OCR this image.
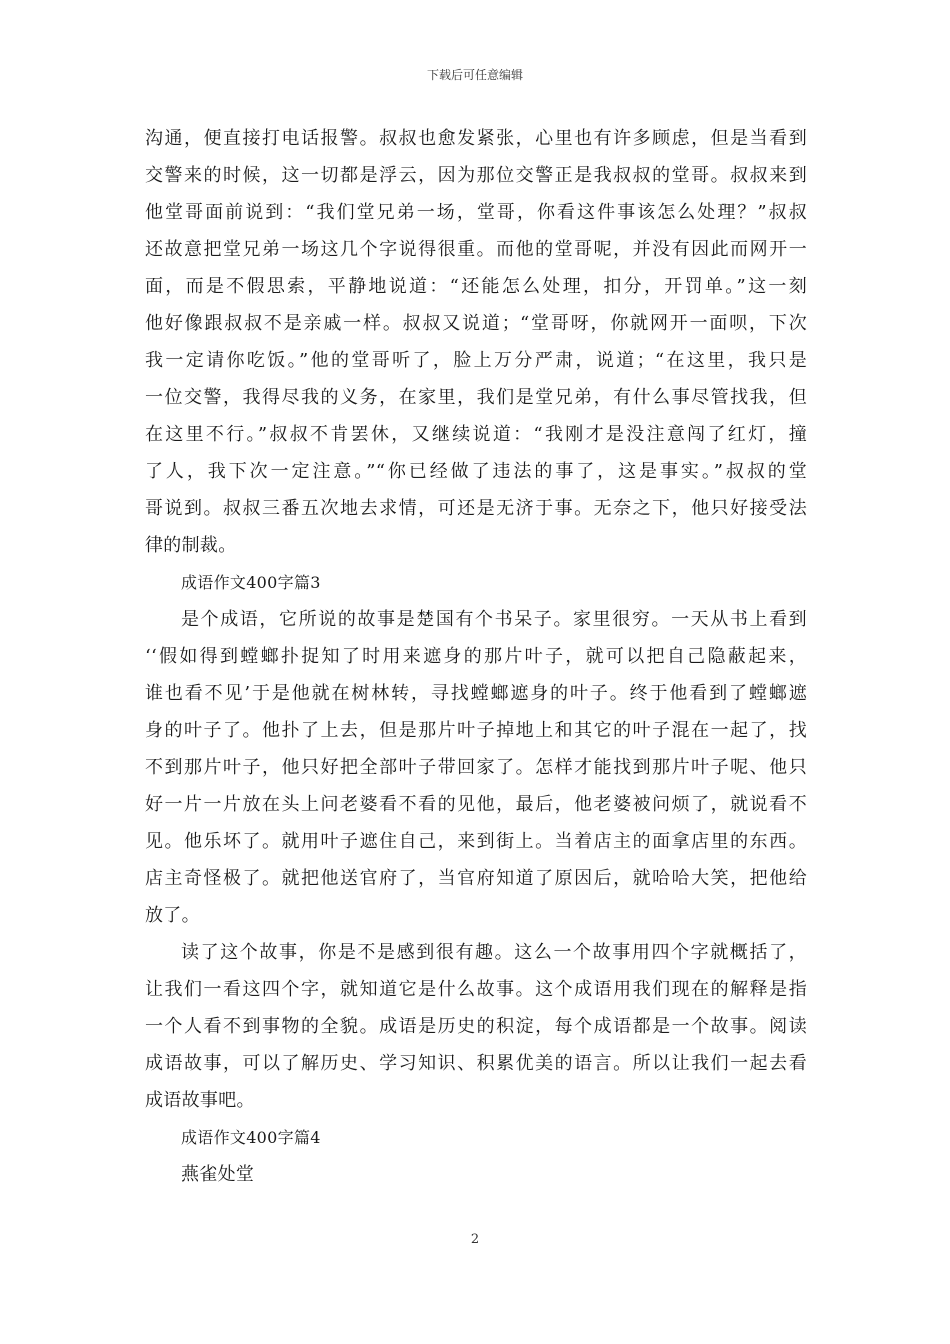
下载后可任意编辑
沟通，便直接打电话报警。叔叔也愈发紧张，心里也有许多顾虑，但是当看到
交警来的时候，这一切都是浮云，因为那位交警正是我叔叔的堂哥。叔叔来到
他堂哥面前说到：“我们堂兄弟一场，堂哥，你看这件事该怎么处理？”叔叔
还故意把堂兄弟一场这几个字说得很重。而他的堂哥呢，并没有因此而网开一
面，而是不假思索，平静地说道：“还能怎么处理，扣分，开罚单。”这一刻
他好像跟叔叔不是亲戚一样。叔叔又说道；“堂哥呀，你就网开一面呗，下次
我一定请你吃饭。”他的堂哥听了，脸上万分严肃，说道；“在这里，我只是
一位交警，我得尽我的义务，在家里，我们是堂兄弟，有什么事尽管找我，但
在这里不行。”叔叔不肯罢休，又继续说道：“我刚才是没注意闯了红灯，撞
了人，我下次一定注意。”“你已经做了违法的事了，这是事实。”叔叔的堂
哥说到。叔叔三番五次地去求情，可还是无济于事。无奈之下，他只好接受法
律的制裁。
成语作文400字篇3
是个成语，它所说的故事是楚国有个书呆子。家里很穷。一天从书上看到
‘‘假如得到螳螂扑捉知了时用来遮身的那片叶子，就可以把自己隐蔽起来，
谁也看不见’于是他就在树林转，寻找螳螂遮身的叶子。终于他看到了螳螂遮
身的叶子了。他扑了上去，但是那片叶子掉地上和其它的叶子混在一起了，找
不到那片叶子，他只好把全部叶子带回家了。怎样才能找到那片叶子呢、他只
好一片一片放在头上问老婆看不看的见他，最后，他老婆被问烦了，就说看不
见。他乐坏了。就用叶子遮住自己，来到街上。当着店主的面拿店里的东西。
店主奇怪极了。就把他送官府了，当官府知道了原因后，就哈哈大笑，把他给
放了。
读了这个故事，你是不是感到很有趣。这么一个故事用四个字就概括了，
让我们一看这四个字，就知道它是什么故事。这个成语用我们现在的解释是指
一个人看不到事物的全貌。成语是历史的积淀，每个成语都是一个故事。阅读
成语故事，可以了解历史、学习知识、积累优美的语言。所以让我们一起去看
成语故事吧。
成语作文400字篇4
燕雀处堂
2
